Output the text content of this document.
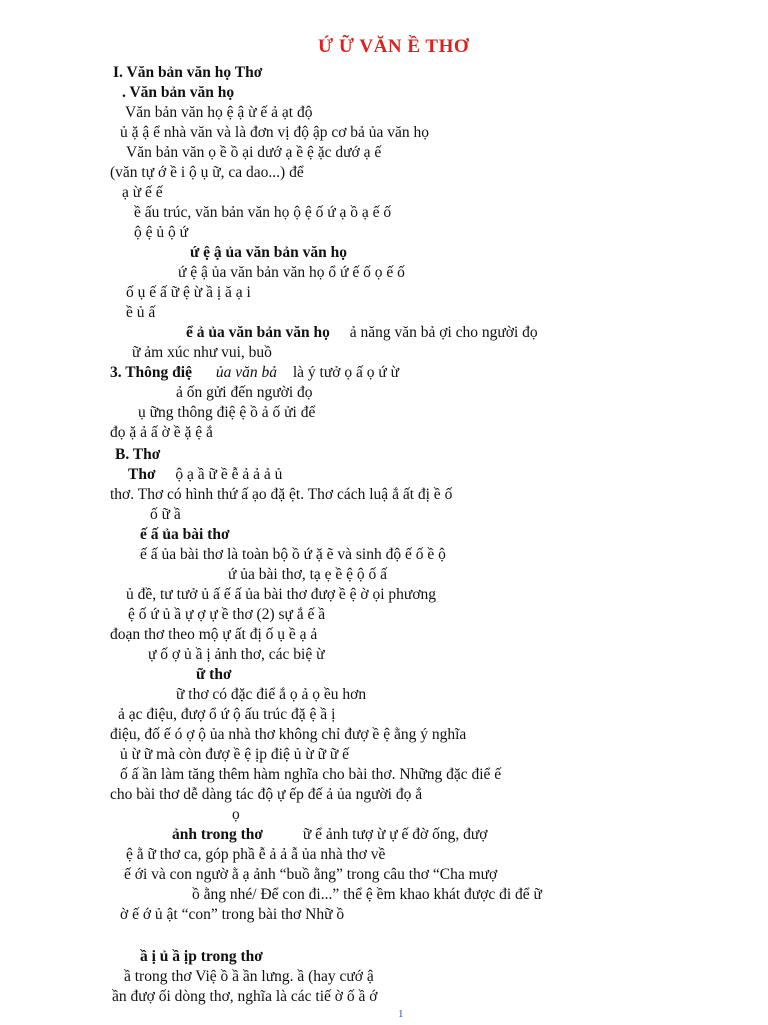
Ứ Ữ VĂN Ề THƠ
I. Văn bản văn họ Thơ
. Văn bản văn họ
Văn bản văn họ ệ ậ ừ ế ả ạt độ
ủ ặ ậ ể nhà văn và là đơn vị độ ập cơ bả ủa văn họ
Văn bản văn ọ ề ồ ại dướ ạ ề ệ ặc dướ ạ ế
(văn tự ớ ề i ộ ụ ữ, ca dao...) để
ạ ừ ế ế
ề ấu trúc, văn bản văn họ ộ ệ ố ứ ạ ồ ạ ế ố
ộ ệ ủ ộ ứ
ứ ệ ậ ủa văn bản văn họ
ứ ệ ậ ủa văn bản văn họ ổ ứ ế ố ọ ế ố
ố ụ ế ấ ữ ệ ừ ầ ị ă ạ i
ề ủ ấ
ể ả ủa văn bản văn họ ả năng văn bả ợi cho người đọ
ữ ảm xúc như vui, buồ
3. Thông điệ ủa văn bả là ý tưở ọ ấ ọ ứ ừ
ả ốn gửi đến người đọ
ụ ững thông điệ ệ ồ ả ố ửi để
đọ ặ ả ấ ờ ề ặ ệ ắ
B. Thơ
Thơ ộ ạ ầ ữ ề ễ ả ả ả ủ
thơ. Thơ có hình thứ ấ ạo đặ ệt. Thơ cách luậ ắ ất đị ề ố
ố ữ ầ
ế ấ ủa bài thơ
ế ấ ủa bài thơ là toàn bộ ồ ứ ặ ẽ và sinh độ ế ố ề ộ
ứ ủa bài thơ, tạ ẹ ề ệ ộ ố ấ
ủ đề, tư tưở ủ ấ ế ấ ủa bài thơ đượ ề ệ ờ ọi phương
ệ ố ứ ủ ầ ự ợ ự ề thơ (2) sự ắ ế ầ
đoạn thơ theo mộ ự ất đị ố ụ ề ạ ả
ự ố ợ ủ ầ ị ảnh thơ, các biệ ừ
ữ thơ
ữ thơ có đặc điể ắ ọ ả ọ ều hơn
ả ạc điệu, đượ ổ ứ ộ ấu trúc đặ ệ ầ ị
điệu, đố ế ó ợ ộ ủa nhà thơ không chỉ đượ ề ệ ằng ý nghĩa
ủ ừ ữ mà còn đượ ề ệ ịp điệ ủ ừ ữ ữ ế
ố ấ ần làm tăng thêm hàm nghĩa cho bài thơ. Những đặc điể ế
cho bài thơ dễ dàng tác độ ự ếp đế ả ủa người đọ ắ
ọ
ảnh trong thơ	ữ ể ảnh tượ ừ ự ế đờ ống, đượ
ệ ằ ữ thơ ca, góp phầ ễ ả ả ẫ ủa nhà thơ về
ế ới và con ngườ ằ ạ ảnh “buồ ằng” trong câu thơ “Cha mượ
ồ ằng nhé/ Để con đi...” thể ệ ềm khao khát được đi để ữ
ờ ế ớ ủ ật “con” trong bài thơ Nhữ ồ
ầ ị ủ ầ ịp trong thơ
ầ trong thơ Việ ồ ầ ần lưng. ầ (hay cướ ậ
ần đượ ối dòng thơ, nghĩa là các tiế ờ ố ầ ớ
1
